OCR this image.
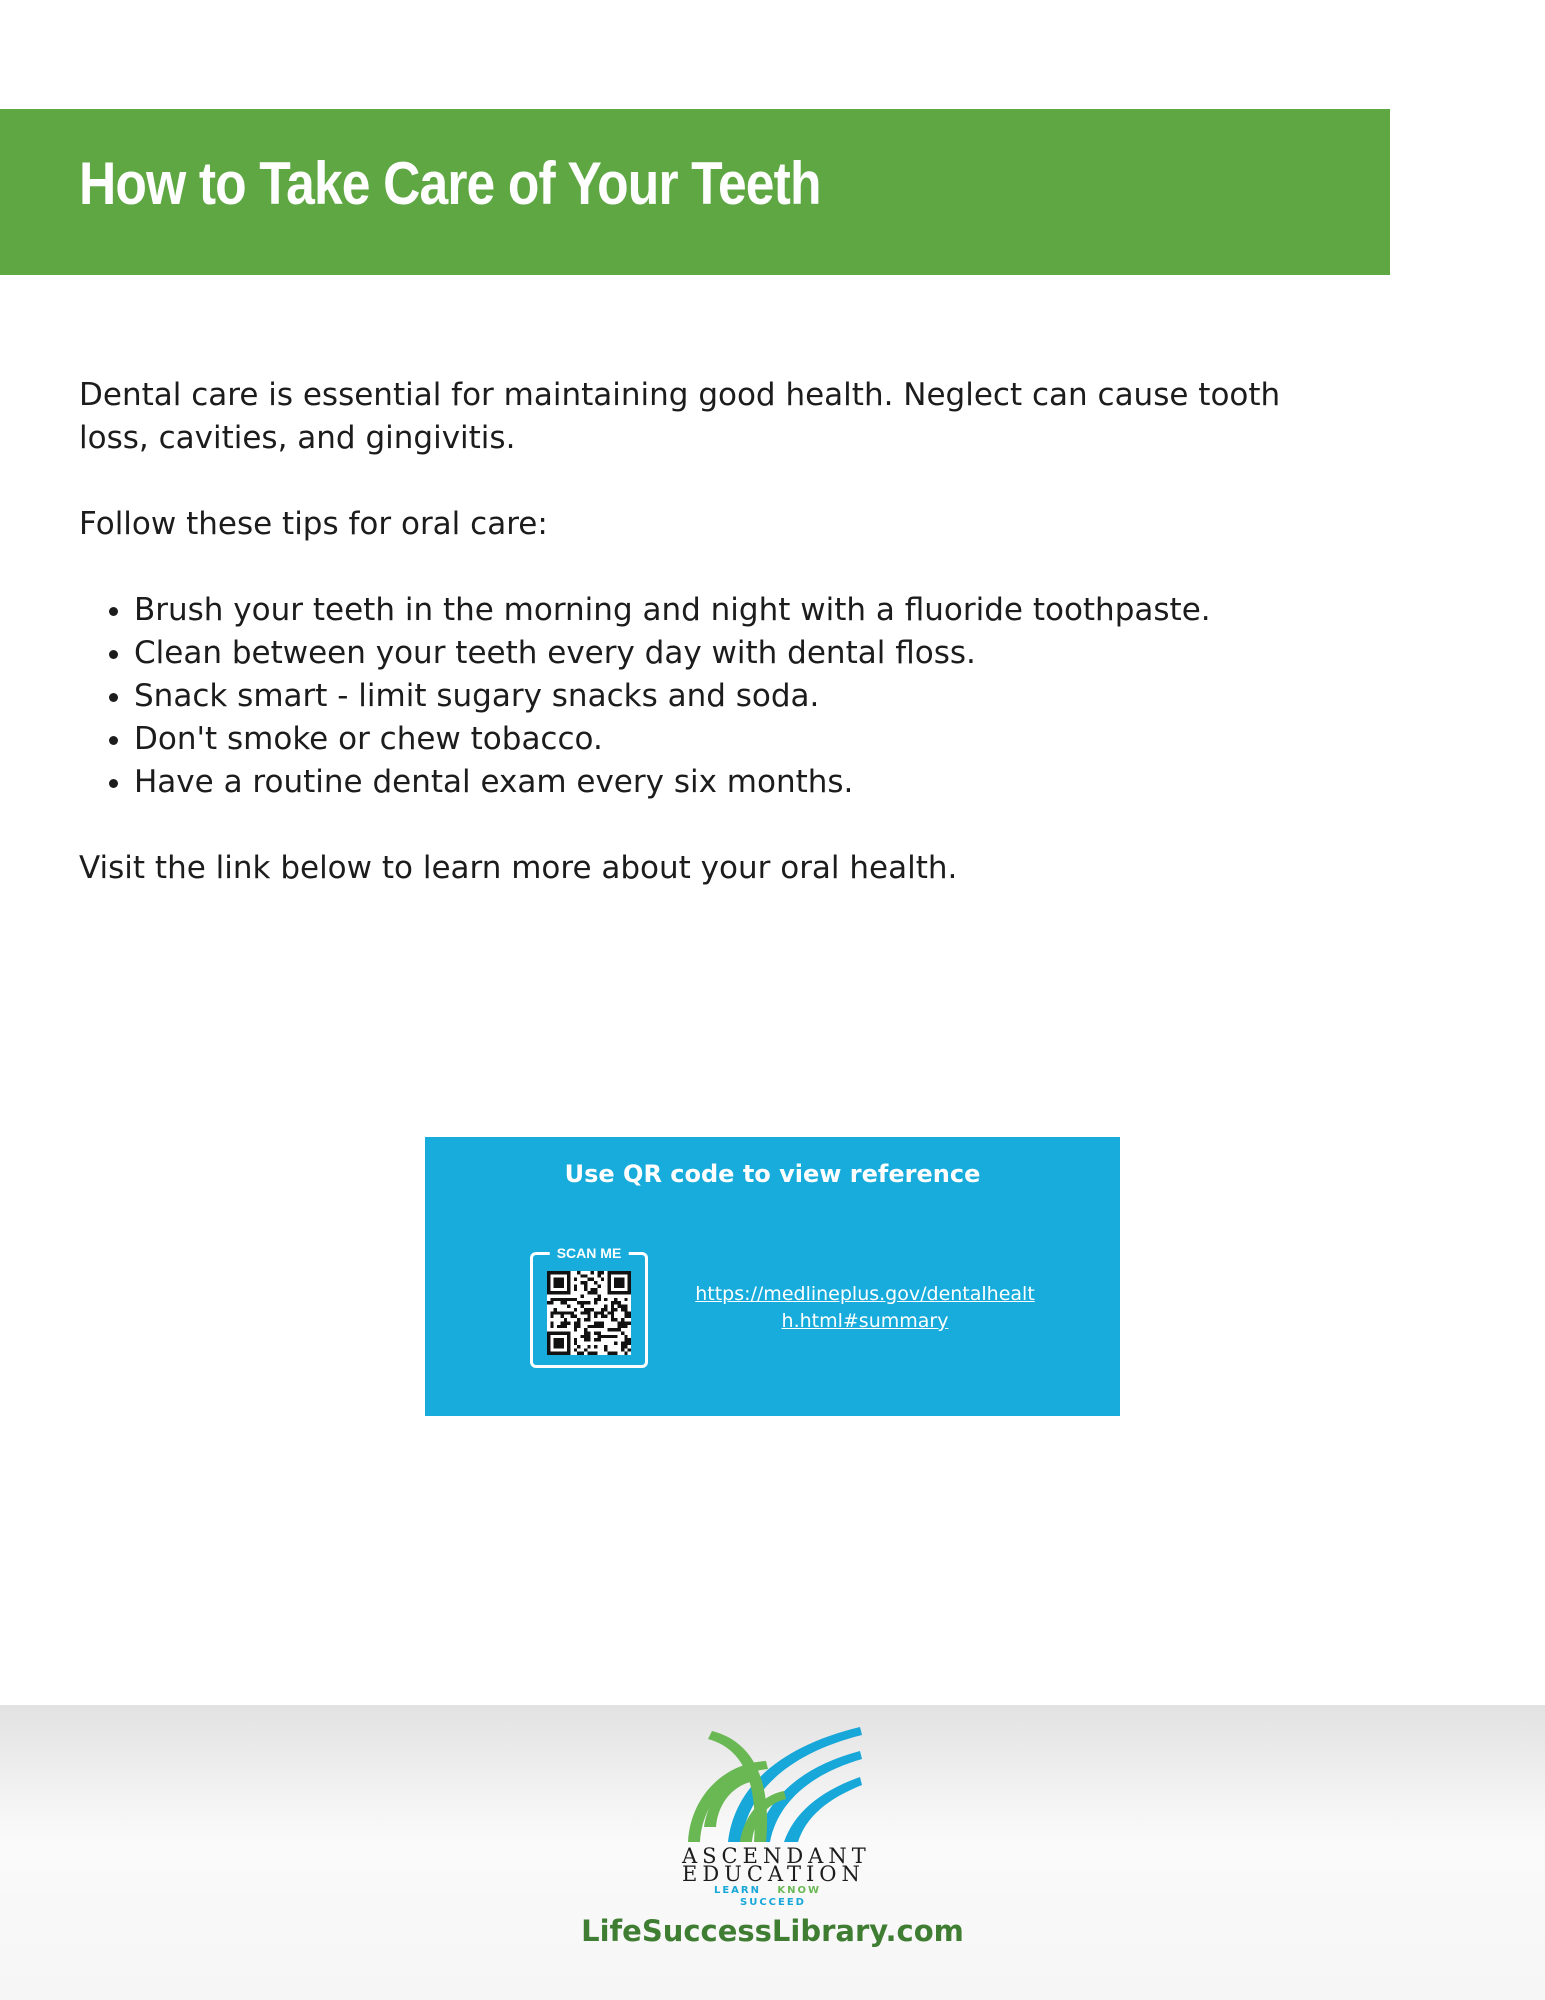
How to Take Care of Your Teeth

Dental care is essential for maintaining good health. Neglect can cause tooth loss, cavities, and gingivitis.

Follow these tips for oral care:

• Brush your teeth in the morning and night with a fluoride toothpaste.
• Clean between your teeth every day with dental floss.
• Snack smart - limit sugary snacks and soda.
• Don't smoke or chew tobacco.
• Have a routine dental exam every six months.

Visit the link below to learn more about your oral health.

Use QR code to view reference
SCAN ME
https://medlineplus.gov/dentalhealth.html#summary
ASCENDANT
EDUCATION
LEARN KNOW   SUCCEED
LifeSuccessLibrary.com
